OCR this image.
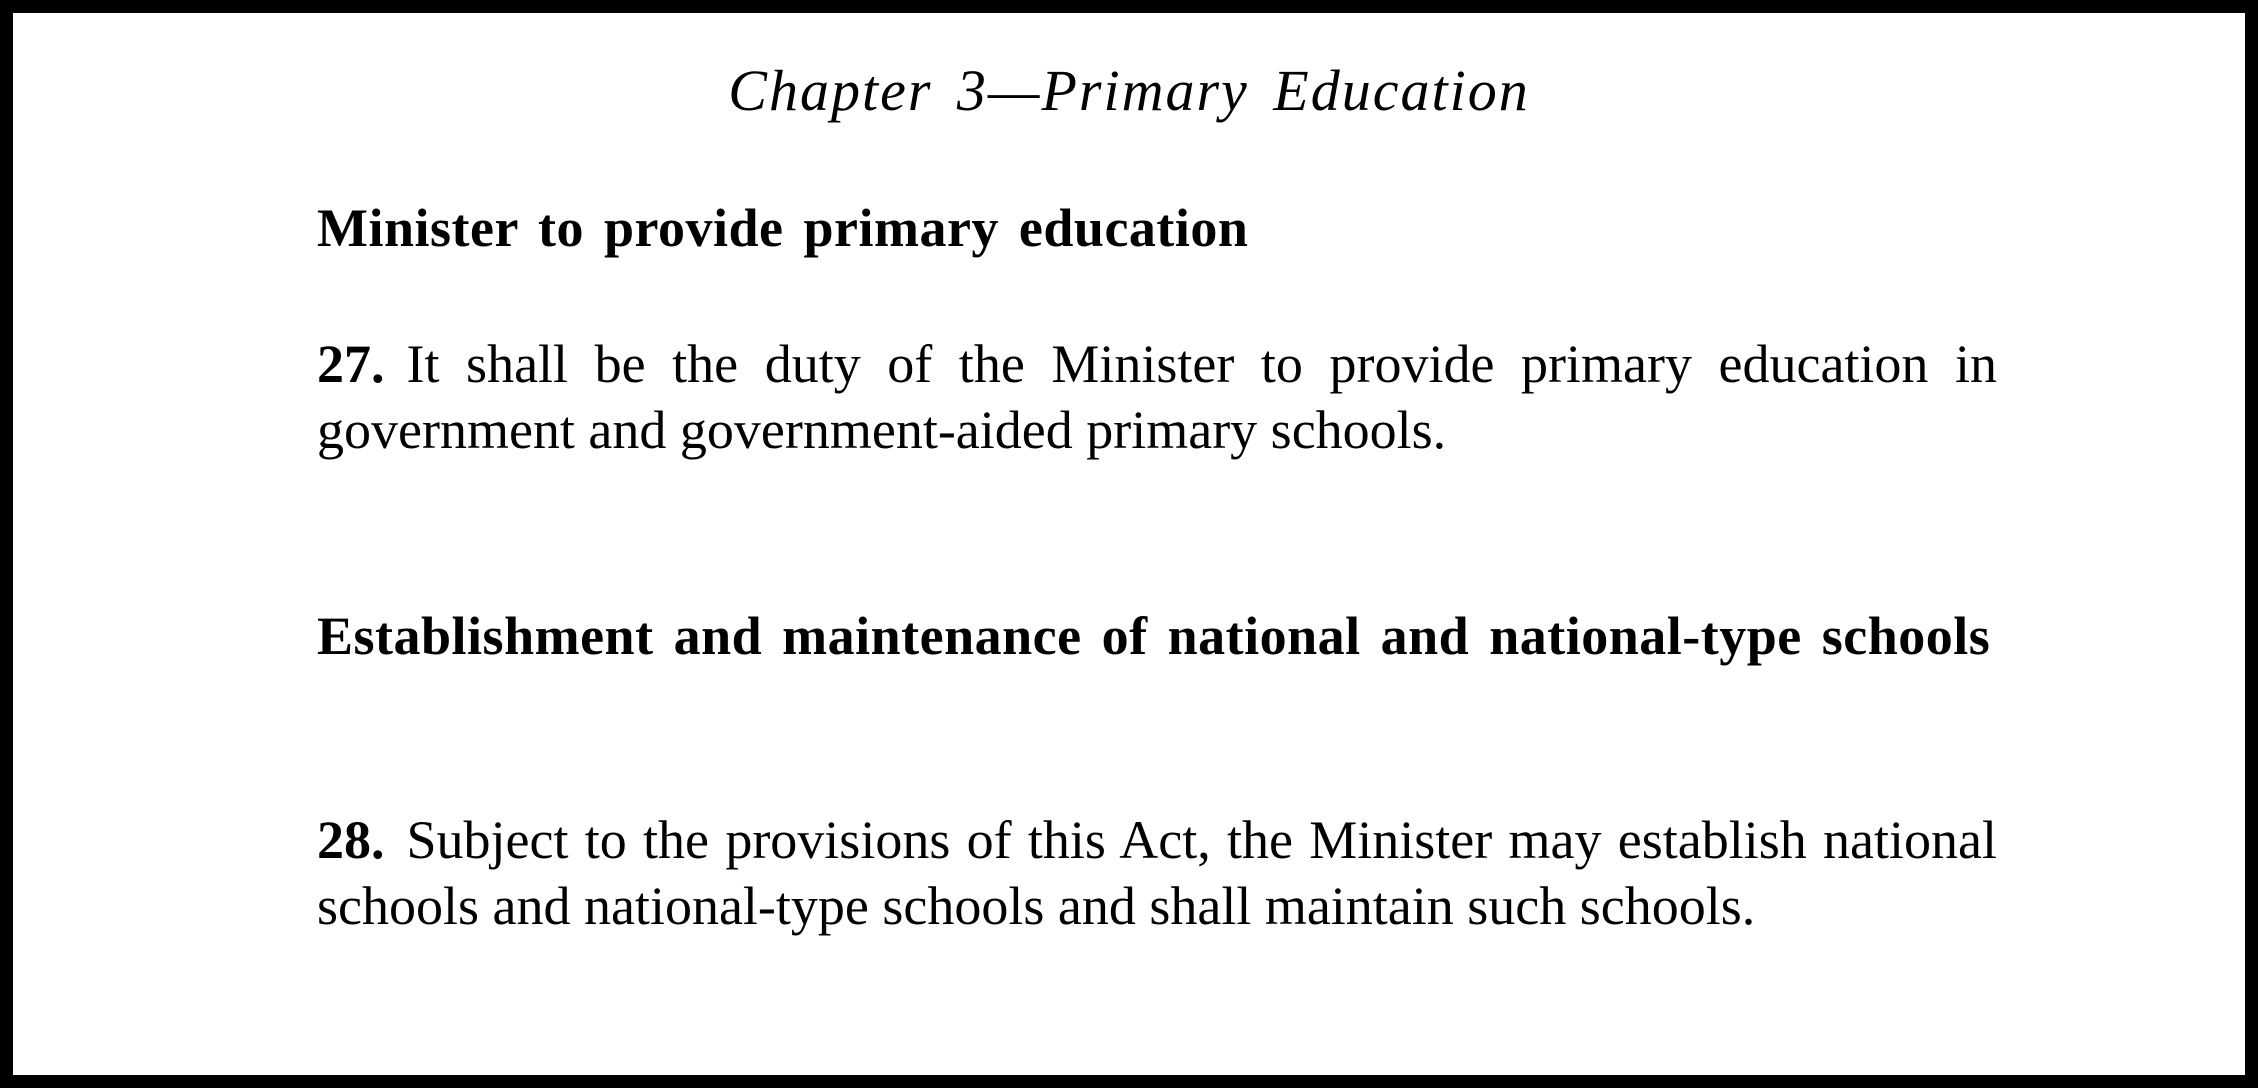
Chapter 3—Primary Education
Minister to provide primary education

27. It shall be the duty of the Minister to provide primary education in government and government-aided primary schools.

Establishment and maintenance of national and national-type schools

28. Subject to the provisions of this Act, the Minister may establish national schools and national-type schools and shall maintain such schools.
